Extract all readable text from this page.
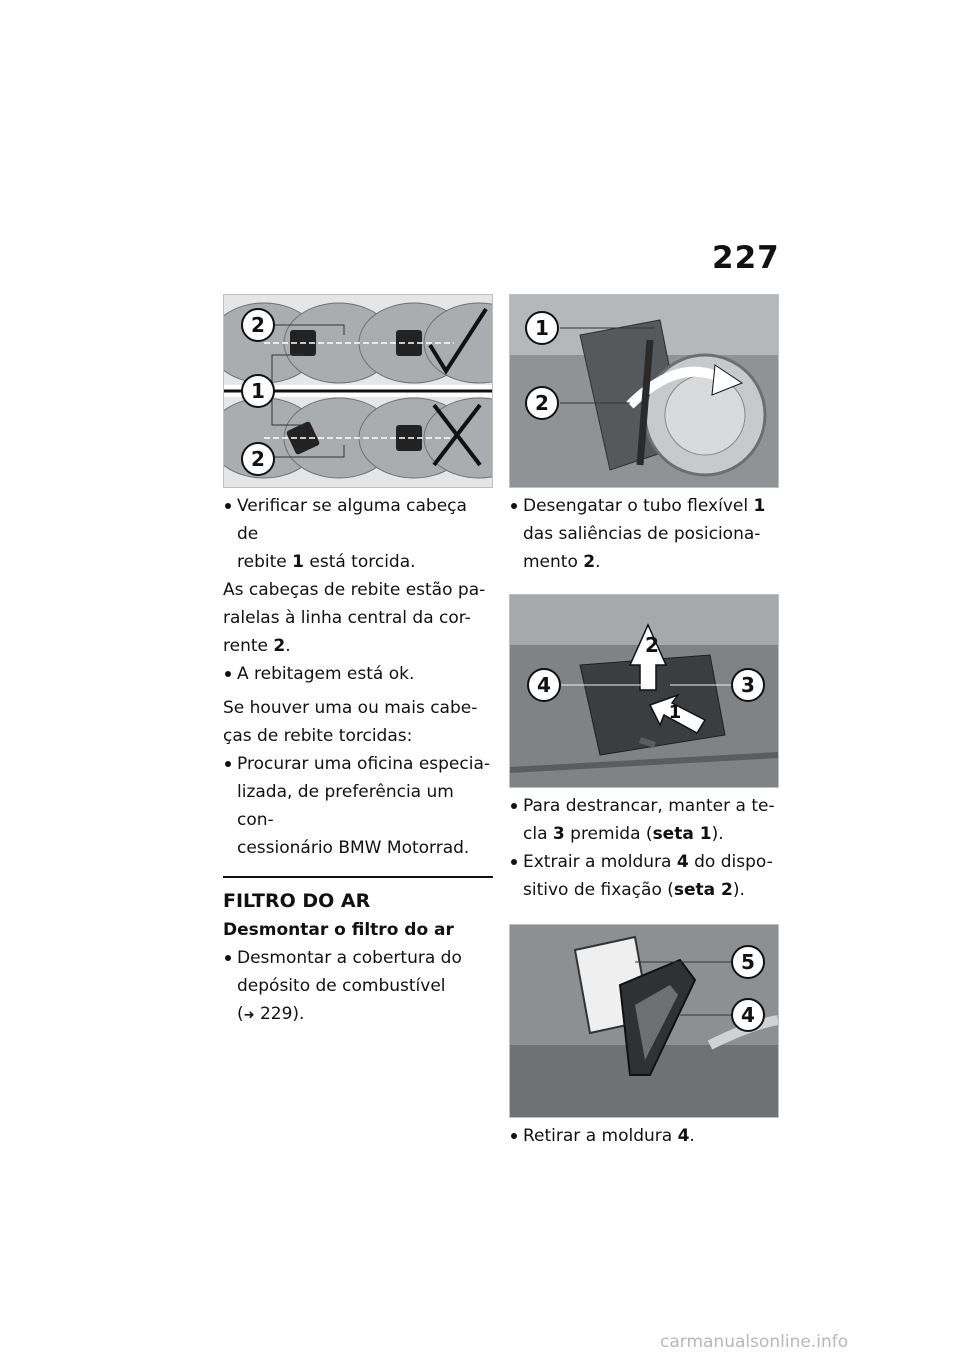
227
2
1
2
Verificar se alguma cabeça de
rebite 1 está torcida.
As cabeças de rebite estão pa-
ralelas à linha central da cor-
rente 2.
A rebitagem está ok.
Se houver uma ou mais cabe-
ças de rebite torcidas:
Procurar uma oficina especia-
lizada, de preferência um con-
cessionário BMW Motorrad.
FILTRO DO AR
Desmontar o filtro do ar
Desmontar a cobertura do
depósito de combustível
(➜ 229).
1
2
Desengatar o tubo flexível 1
das saliências de posiciona-
mento 2.
2
4	3
1
Para destrancar, manter a te-
cla 3 premida (seta 1).
Extrair a moldura 4 do dispo-
sitivo de fixação (seta 2).
5
4
Retirar a moldura 4.
carmanualsonline.info
